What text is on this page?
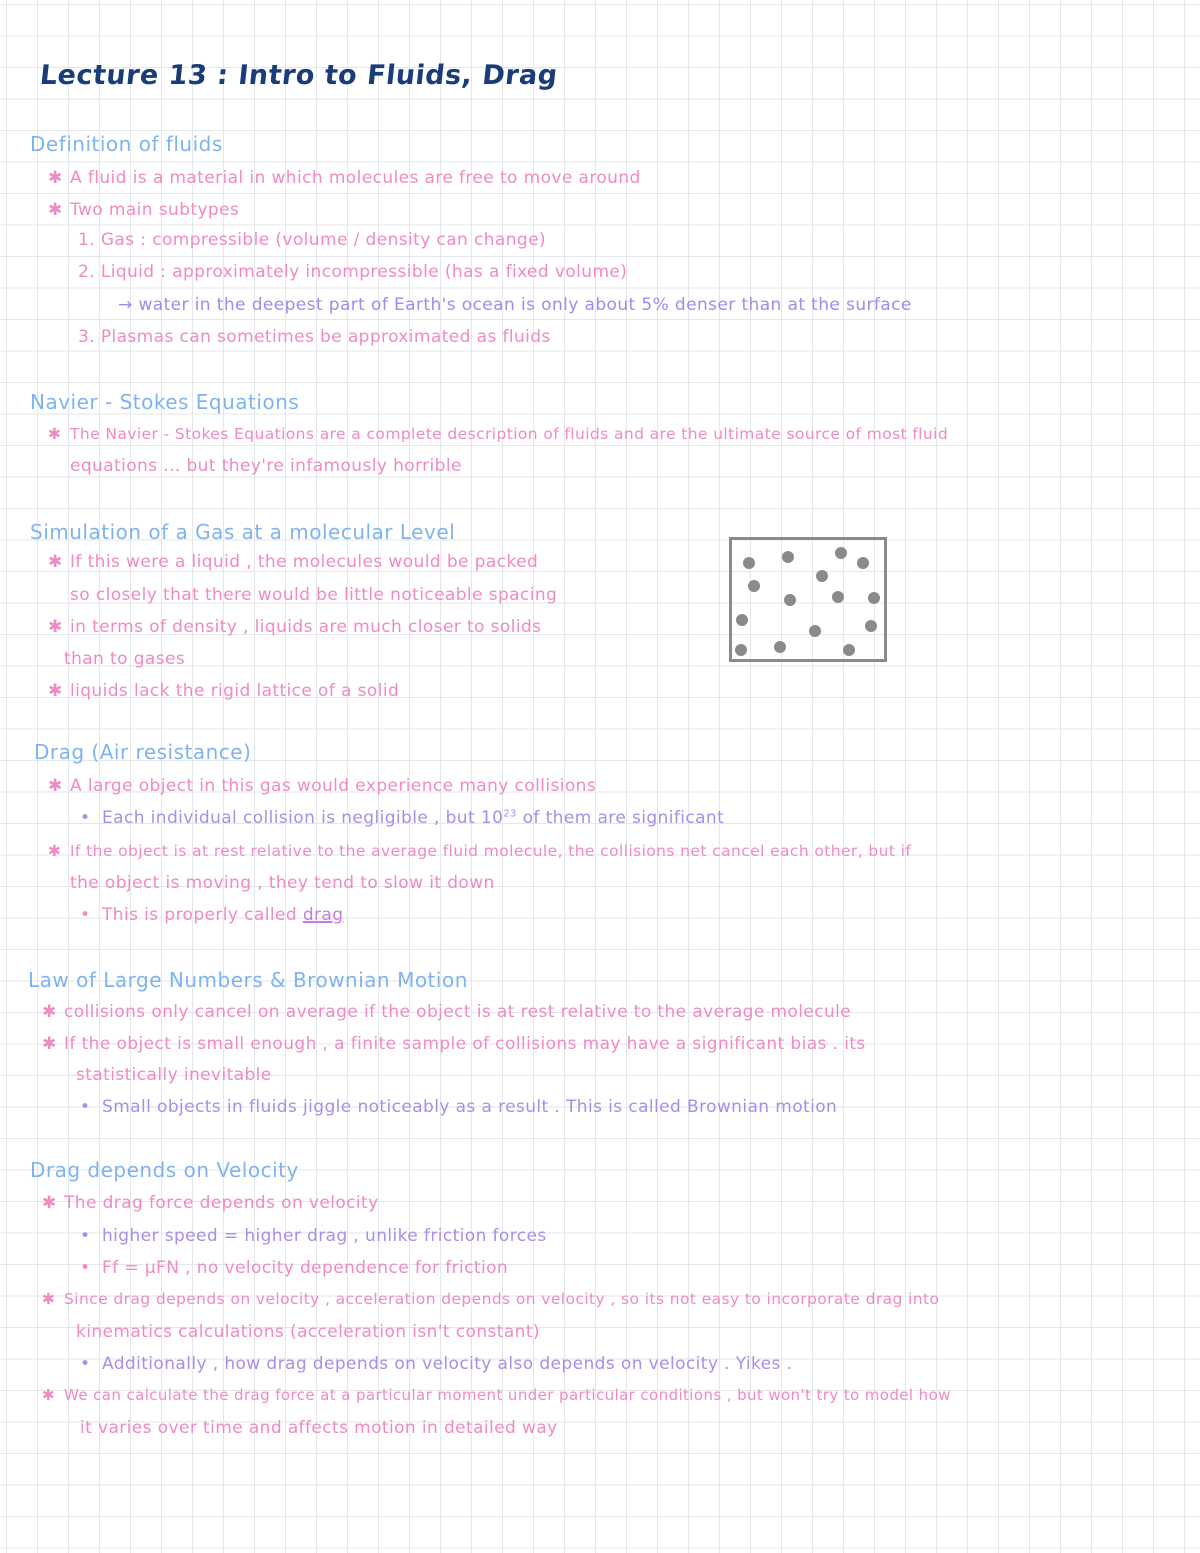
Lecture 13 : Intro to Fluids, Drag
Definition of fluids
✱ A fluid is a material in which molecules are free to move around
✱ Two main subtypes
1. Gas : compressible (volume / density can change)
2. Liquid : approximately incompressible (has a fixed volume)
→ water in the deepest part of Earth's ocean is only about 5% denser than at the surface
3. Plasmas can sometimes be approximated as fluids
Navier - Stokes Equations
✱ The Navier - Stokes Equations are a complete description of fluids and are the ultimate source of most fluid
equations ... but they're infamously horrible
Simulation of a Gas at a molecular Level
✱ If this were a liquid , the molecules would be packed
so closely that there would be little noticeable spacing
✱ in terms of density , liquids are much closer to solids
than to gases
✱ liquids lack the rigid lattice of a solid
Drag (Air resistance)
✱ A large object in this gas would experience many collisions
• Each individual collision is negligible , but $10^{23}$ of them are significant
✱ If the object is at rest relative to the average fluid molecule, the collisions net cancel each other, but if
the object is moving , they tend to slow it down
• This is properly called drag
Law of Large Numbers & Brownian Motion
✱ collisions only cancel on average if the object is at rest relative to the average molecule
✱ If the object is small enough , a finite sample of collisions may have a significant bias . its
statistically inevitable
• Small objects in fluids jiggle noticeably as a result . This is called Brownian motion
Drag depends on Velocity
✱ The drag force depends on velocity
• higher speed = higher drag , unlike friction forces
• Ff = μFN , no velocity dependence for friction
✱ Since drag depends on velocity , acceleration depends on velocity , so its not easy to incorporate drag into
kinematics calculations (acceleration isn't constant)
• Additionally , how drag depends on velocity also depends on velocity . Yikes .
✱ We can calculate the drag force at a particular moment under particular conditions , but won't try to model how
it varies over time and affects motion in detailed way
